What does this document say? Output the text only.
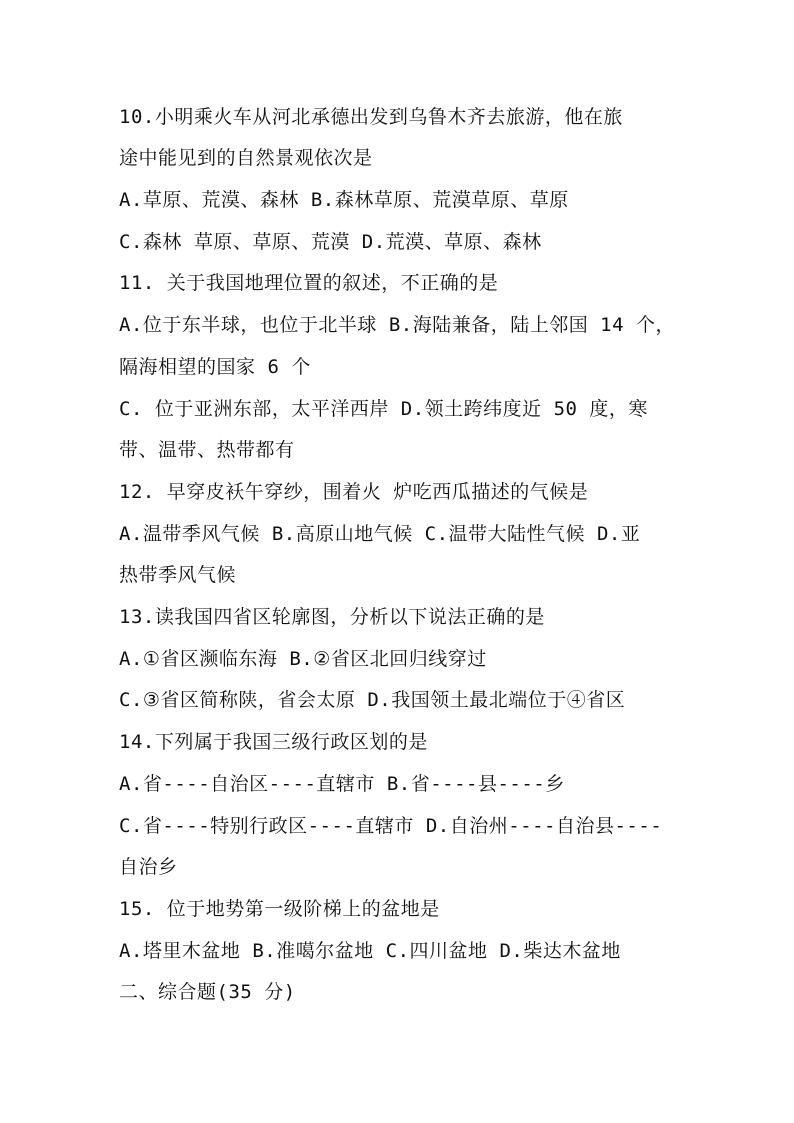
10.小明乘火车从河北承德出发到乌鲁木齐去旅游，他在旅
途中能见到的自然景观依次是
A.草原、荒漠、森林 B.森林草原、荒漠草原、草原
C.森林 草原、草原、荒漠 D.荒漠、草原、森林
11. 关于我国地理位置的叙述，不正确的是
A.位于东半球，也位于北半球 B.海陆兼备，陆上邻国 14 个，
隔海相望的国家 6 个
C. 位于亚洲东部，太平洋西岸 D.领土跨纬度近 50 度，寒
带、温带、热带都有
12. 早穿皮袄午穿纱，围着火 炉吃西瓜描述的气候是
A.温带季风气候 B.高原山地气候 C.温带大陆性气候 D.亚
热带季风气候
13.读我国四省区轮廓图，分析以下说法正确的是
A.①省区濒临东海 B.②省区北回归线穿过
C.③省区简称陕，省会太原 D.我国领土最北端位于④省区
14.下列属于我国三级行政区划的是
A.省----自治区----直辖市 B.省----县----乡
C.省----特别行政区----直辖市 D.自治州----自治县----
自治乡
15. 位于地势第一级阶梯上的盆地是
A.塔里木盆地 B.准噶尔盆地 C.四川盆地 D.柴达木盆地
二、综合题(35 分)
